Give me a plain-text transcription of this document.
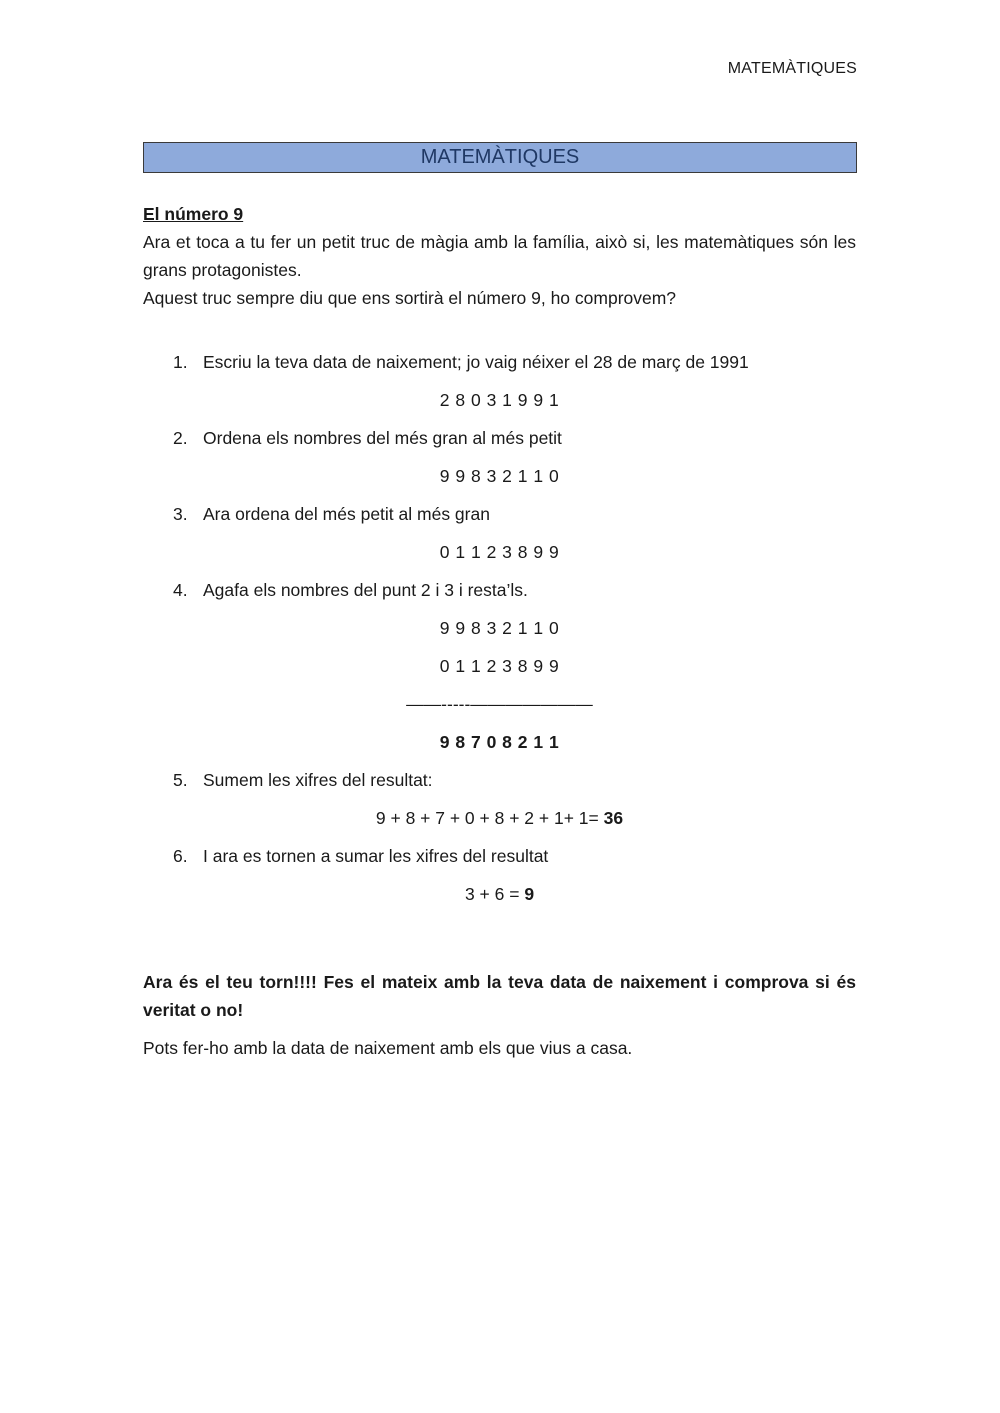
MATEMÀTIQUES
MATEMÀTIQUES
El número 9
Ara et toca a tu fer un petit truc de màgia amb la família, això si, les matemàtiques són les grans protagonistes.
Aquest truc sempre diu que ens sortirà el número 9, ho comprovem?
1. Escriu la teva data de naixement; jo vaig néixer el 28 de març de 1991
2 8 0 3 1 9 9 1
2. Ordena els nombres del més gran al més petit
9 9 8 3 2 1 1 0
3. Ara ordena del més petit al més gran
0 1 1 2 3 8 9 9
4. Agafa els nombres del punt 2 i 3 i resta’ls.
9 9 8 3 2 1 1 0
0 1 1 2 3 8 9 9
——-----———————
9 8 7 0 8 2 1 1
5. Sumem les xifres del resultat:
9 + 8 + 7 + 0 + 8 + 2 + 1+ 1= 36
6. I ara es tornen a sumar les xifres del resultat
3 + 6 = 9
Ara és el teu torn!!!! Fes el mateix amb la teva data de naixement i comprova si és veritat o no!
Pots fer-ho amb la data de naixement amb els que vius a casa.
